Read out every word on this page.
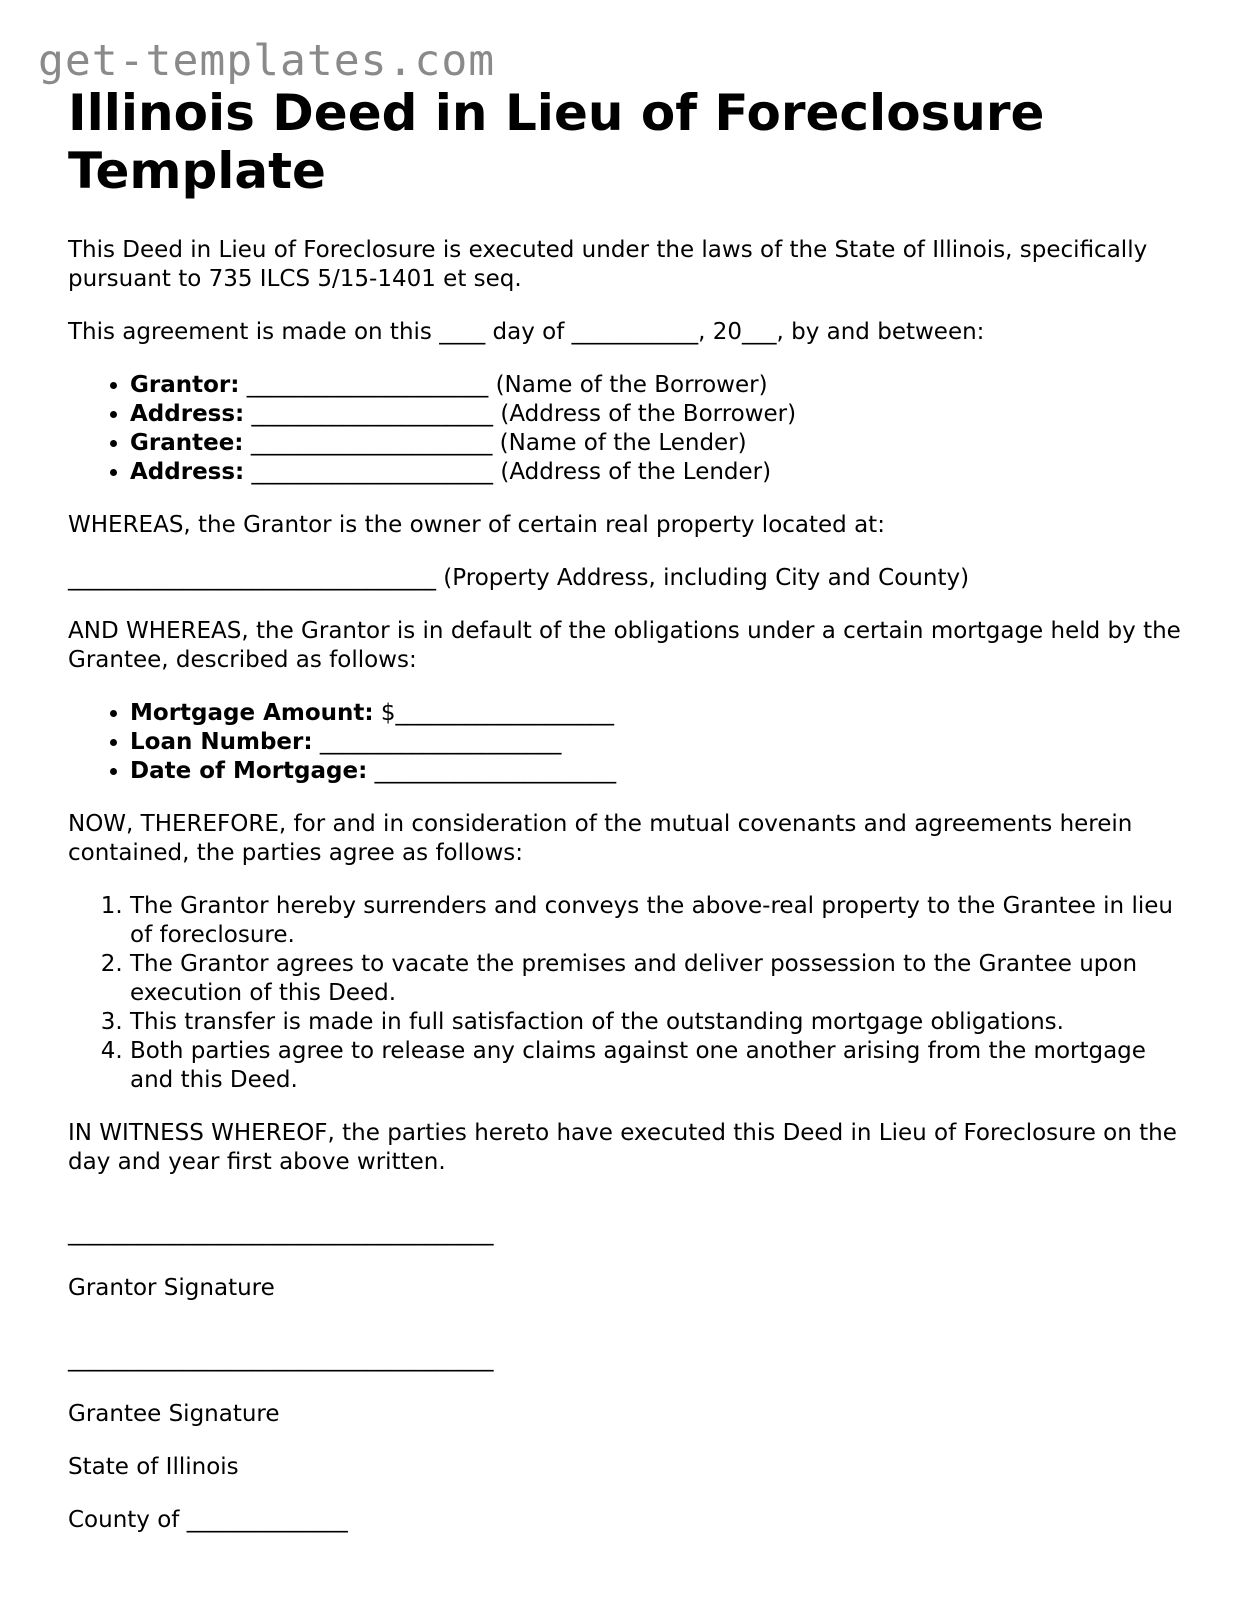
get-templates.com
Illinois Deed in Lieu of Foreclosure Template

This Deed in Lieu of Foreclosure is executed under the laws of the State of Illinois, specifically pursuant to 735 ILCS 5/15-1401 et seq.

This agreement is made on this ____ day of ___________, 20___, by and between:

• Grantor: _____________________ (Name of the Borrower)
• Address: _____________________ (Address of the Borrower)
• Grantee: _____________________ (Name of the Lender)
• Address: _____________________ (Address of the Lender)

WHEREAS, the Grantor is the owner of certain real property located at:

________________________________ (Property Address, including City and County)

AND WHEREAS, the Grantor is in default of the obligations under a certain mortgage held by the Grantee, described as follows:

• Mortgage Amount: $___________________
• Loan Number: _____________________
• Date of Mortgage: _____________________

NOW, THEREFORE, for and in consideration of the mutual covenants and agreements herein contained, the parties agree as follows:

1. The Grantor hereby surrenders and conveys the above-real property to the Grantee in lieu of foreclosure.
2. The Grantor agrees to vacate the premises and deliver possession to the Grantee upon execution of this Deed.
3. This transfer is made in full satisfaction of the outstanding mortgage obligations.
4. Both parties agree to release any claims against one another arising from the mortgage and this Deed.

IN WITNESS WHEREOF, the parties hereto have executed this Deed in Lieu of Foreclosure on the day and year first above written.

_____________________________________

Grantor Signature

_____________________________________

Grantee Signature

State of Illinois

County of ______________
